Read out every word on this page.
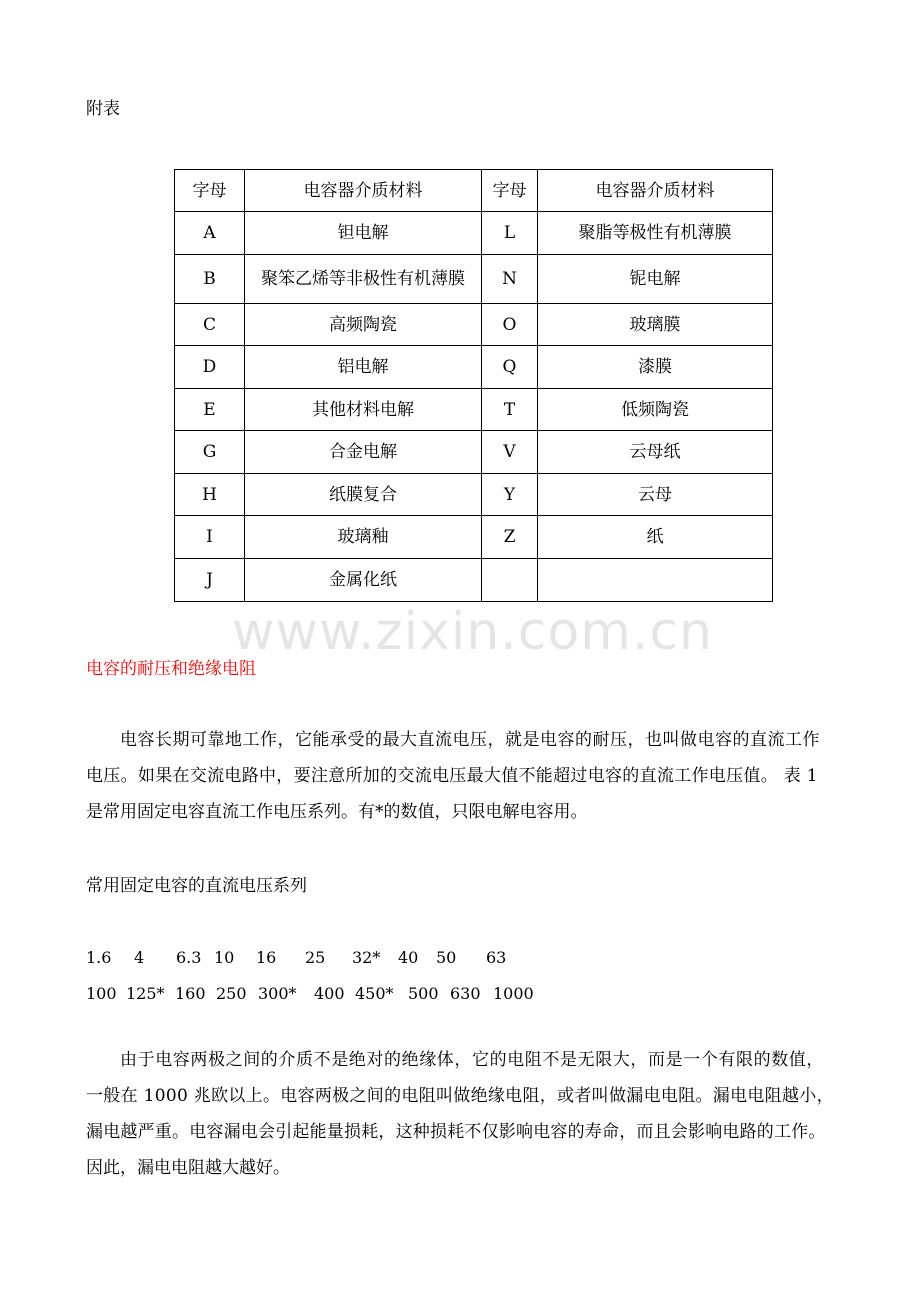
附表
字母	电容器介质材料	字母	电容器介质材料
A	钽电解	L	聚脂等极性有机薄膜
B	聚笨乙烯等非极性有机薄膜	N	铌电解
C	高频陶瓷	O	玻璃膜
D	铝电解	Q	漆膜
E	其他材料电解	T	低频陶瓷
G	合金电解	V	云母纸
H	纸膜复合	Y	云母
I	玻璃釉	Z	纸
J	金属化纸		
www.zixin.com.cn
电容的耐压和绝缘电阻
电容长期可靠地工作，它能承受的最大直流电压，就是电容的耐压，也叫做电容的直流工作
电压。如果在交流电路中，要注意所加的交流电压最大值不能超过电容的直流工作电压值。 表 1
是常用固定电容直流工作电压系列。有*的数值，只限电解电容用。
常用固定电容的直流电压系列
1.6 4 6.3 10 16 25 32* 40 50 63
100 125* 160 250 300* 400 450* 500 630 1000
由于电容两极之间的介质不是绝对的绝缘体，它的电阻不是无限大，而是一个有限的数值，
一般在 1000 兆欧以上。电容两极之间的电阻叫做绝缘电阻，或者叫做漏电电阻。漏电电阻越小，
漏电越严重。电容漏电会引起能量损耗，这种损耗不仅影响电容的寿命，而且会影响电路的工作。
因此，漏电电阻越大越好。
